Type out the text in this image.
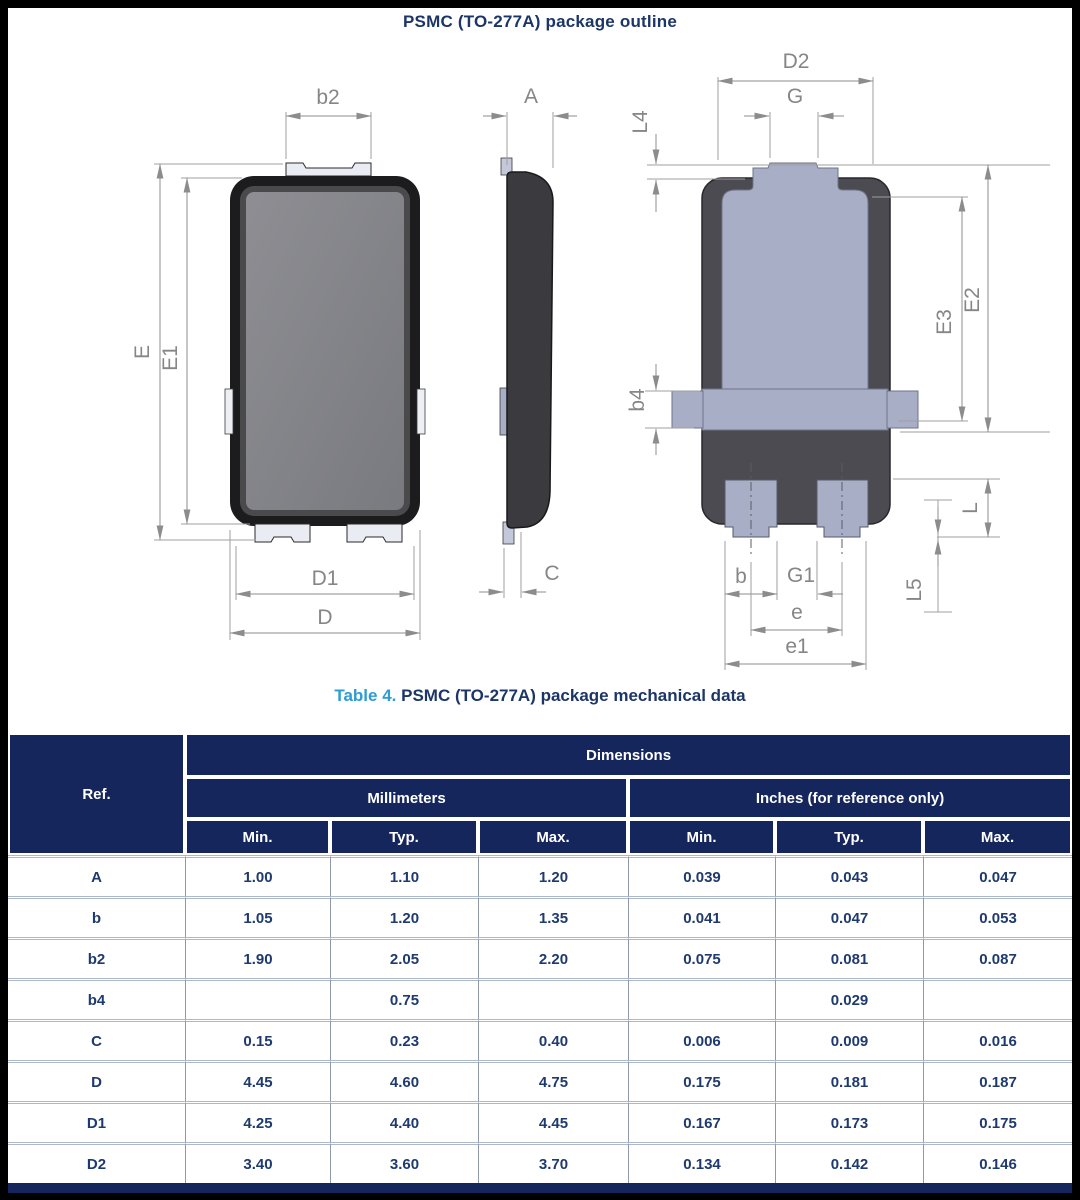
PSMC (TO-277A) package outline
b2
E E1
D1
D
A
C
D2
G
L4
E2
E3
b4
L
L5
b G1
e
e1
Table 4. PSMC (TO-277A) package mechanical data
Ref.	Dimensions					
	Millimeters			Inches (for reference only)		
	Min.	Typ.	Max.	Min.	Typ.	Max.
A	1.00	1.10	1.20	0.039	0.043	0.047
b	1.05	1.20	1.35	0.041	0.047	0.053
b2	1.90	2.05	2.20	0.075	0.081	0.087
b4		0.75			0.029	
C	0.15	0.23	0.40	0.006	0.009	0.016
D	4.45	4.60	4.75	0.175	0.181	0.187
D1	4.25	4.40	4.45	0.167	0.173	0.175
D2	3.40	3.60	3.70	0.134	0.142	0.146
